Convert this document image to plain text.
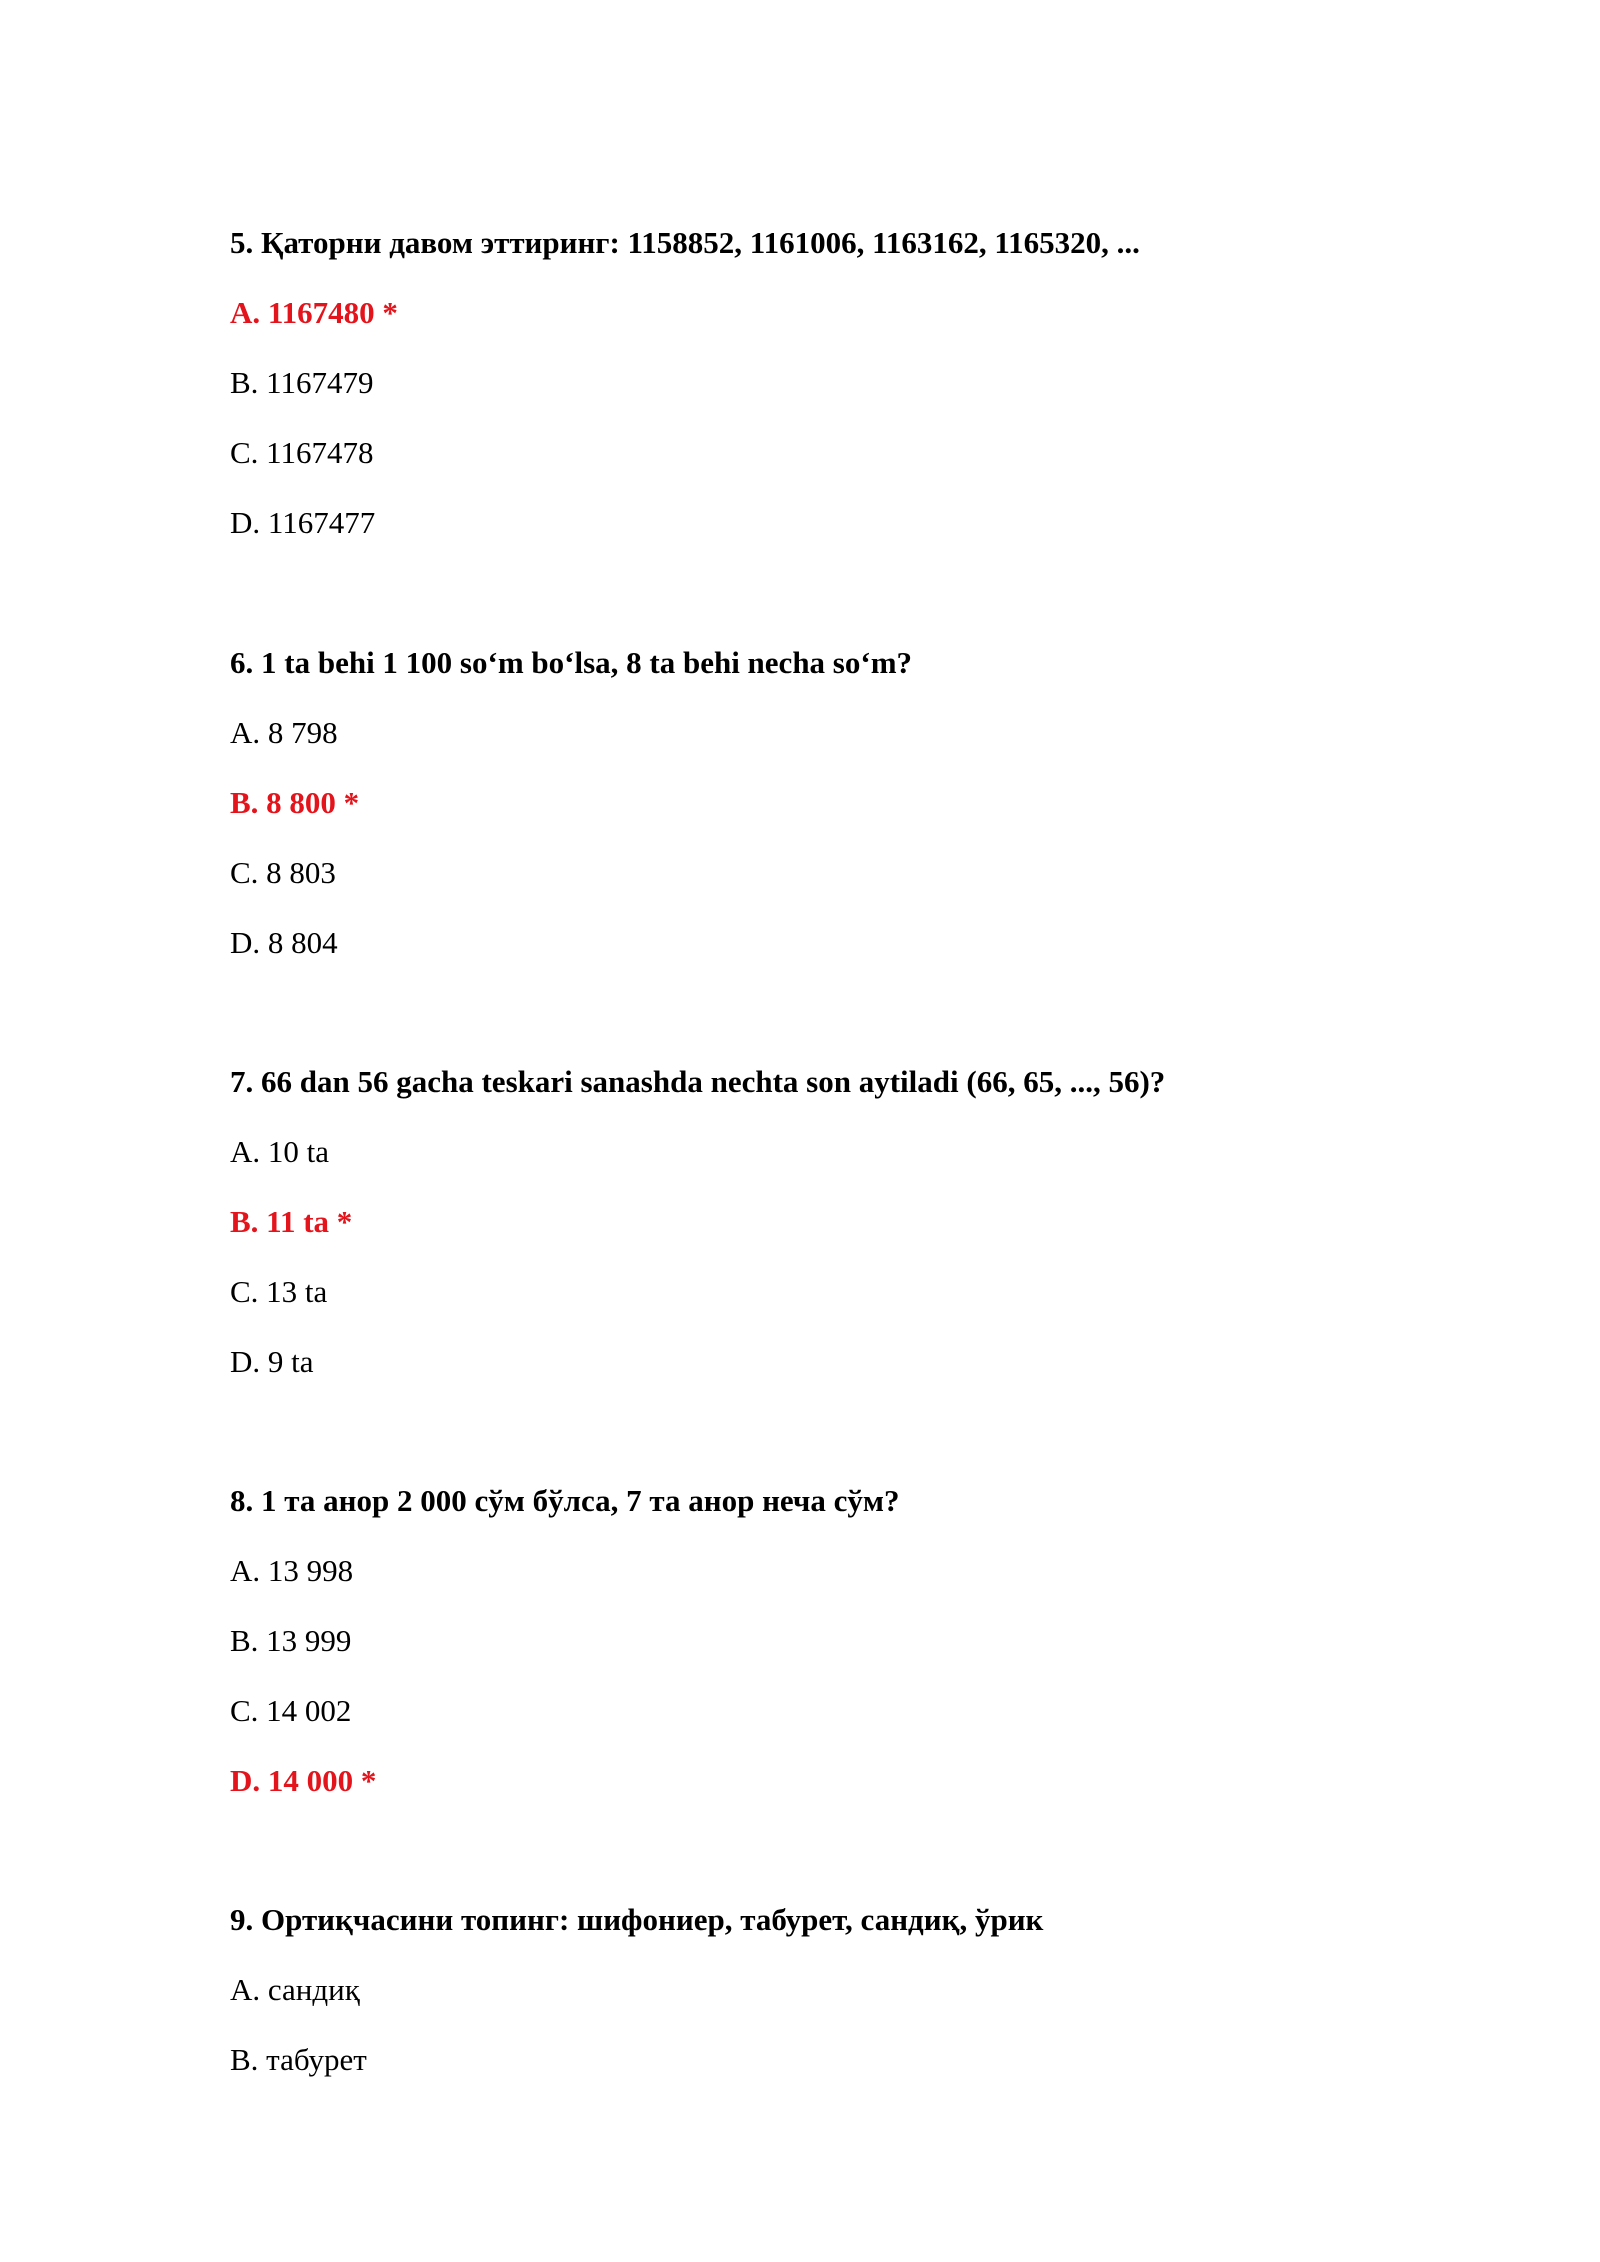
5. Қаторни давом эттиринг: 1158852, 1161006, 1163162, 1165320, ...
A. 1167480 *
B. 1167479
C. 1167478
D. 1167477
6. 1 ta behi 1 100 so‘m bo‘lsa, 8 ta behi necha so‘m?
A. 8 798
B. 8 800 *
C. 8 803
D. 8 804
7. 66 dan 56 gacha teskari sanashda nechta son aytiladi (66, 65, ..., 56)?
A. 10 ta
B. 11 ta *
C. 13 ta
D. 9 ta
8. 1 та анор 2 000 сўм бўлса, 7 та анор неча сўм?
A. 13 998
B. 13 999
C. 14 002
D. 14 000 *
9. Ортиқчасини топинг: шифониер, табурет, сандиқ, ўрик
A. сандиқ
B. табурет
